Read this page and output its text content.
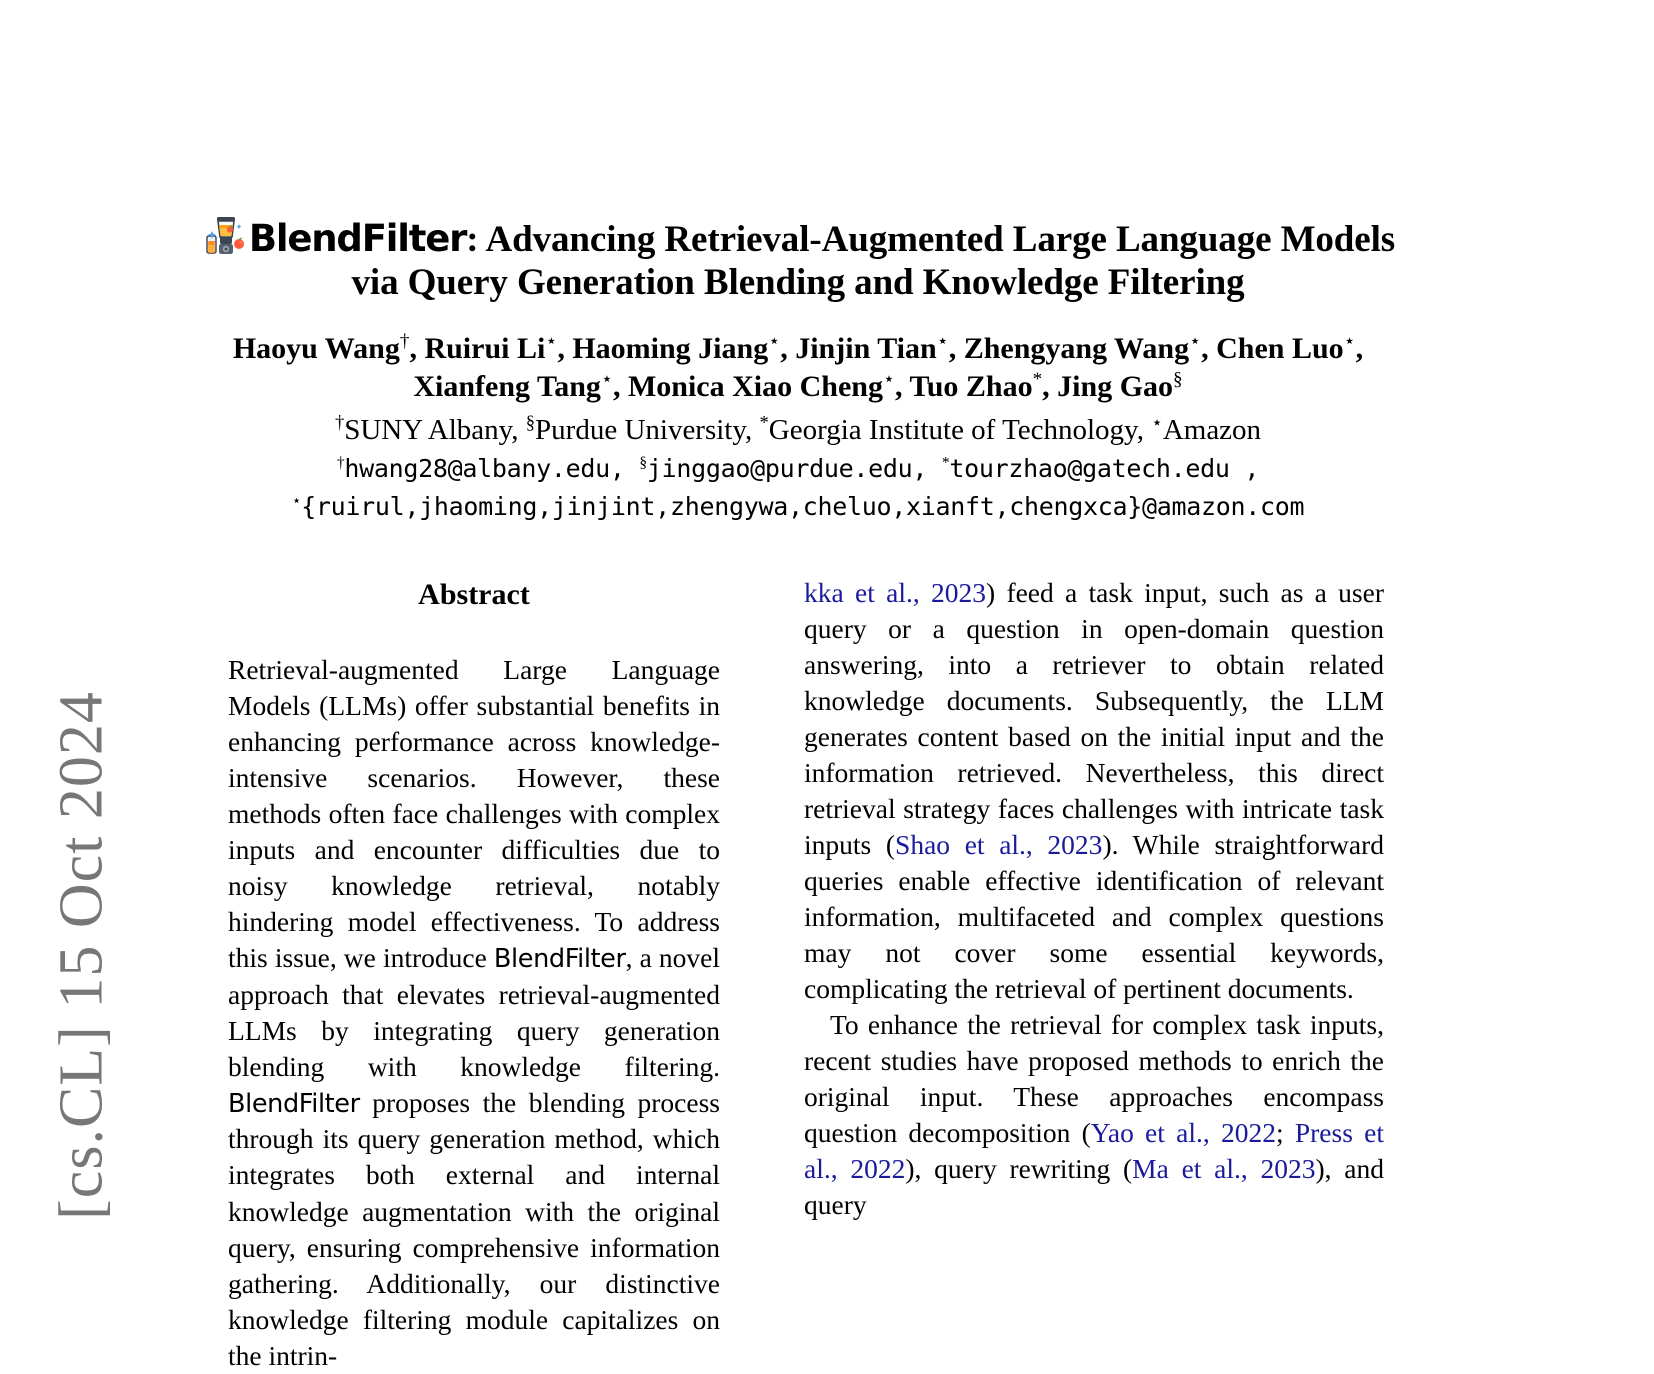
[cs.CL] 15 Oct 2024
BlendFilter: Advancing Retrieval-Augmented Large Language Models
via Query Generation Blending and Knowledge Filtering
Haoyu Wang†, Ruirui Li⋆, Haoming Jiang⋆, Jinjin Tian⋆, Zhengyang Wang⋆, Chen Luo⋆,
Xianfeng Tang⋆, Monica Xiao Cheng⋆, Tuo Zhao*, Jing Gao§
†SUNY Albany, §Purdue University, *Georgia Institute of Technology, ⋆Amazon
†hwang28@albany.edu, §jinggao@purdue.edu, *tourzhao@gatech.edu ,
⋆{ruirul,jhaoming,jinjint,zhengywa,cheluo,xianft,chengxca}@amazon.com
Abstract

Retrieval-augmented Large Language Models (LLMs) offer substantial benefits in enhancing performance across knowledge-intensive scenarios. However, these methods often face challenges with complex inputs and encounter difficulties due to noisy knowledge retrieval, notably hindering model effectiveness. To address this issue, we introduce BlendFilter, a novel approach that elevates retrieval-augmented LLMs by integrating query generation blending with knowledge filtering. BlendFilter proposes the blending process through its query generation method, which integrates both external and internal knowledge augmentation with the original query, ensuring comprehensive information gathering. Additionally, our distinctive knowledge filtering module capitalizes on the intrin-

kka et al., 2023) feed a task input, such as a user query or a question in open-domain question answering, into a retriever to obtain related knowledge documents. Subsequently, the LLM generates content based on the initial input and the information retrieved. Nevertheless, this direct retrieval strategy faces challenges with intricate task inputs (Shao et al., 2023). While straightforward queries enable effective identification of relevant information, multifaceted and complex questions may not cover some essential keywords, complicating the retrieval of pertinent documents.

To enhance the retrieval for complex task inputs, recent studies have proposed methods to enrich the original input. These approaches encompass question decomposition (Yao et al., 2022; Press et al., 2022), query rewriting (Ma et al., 2023), and query
